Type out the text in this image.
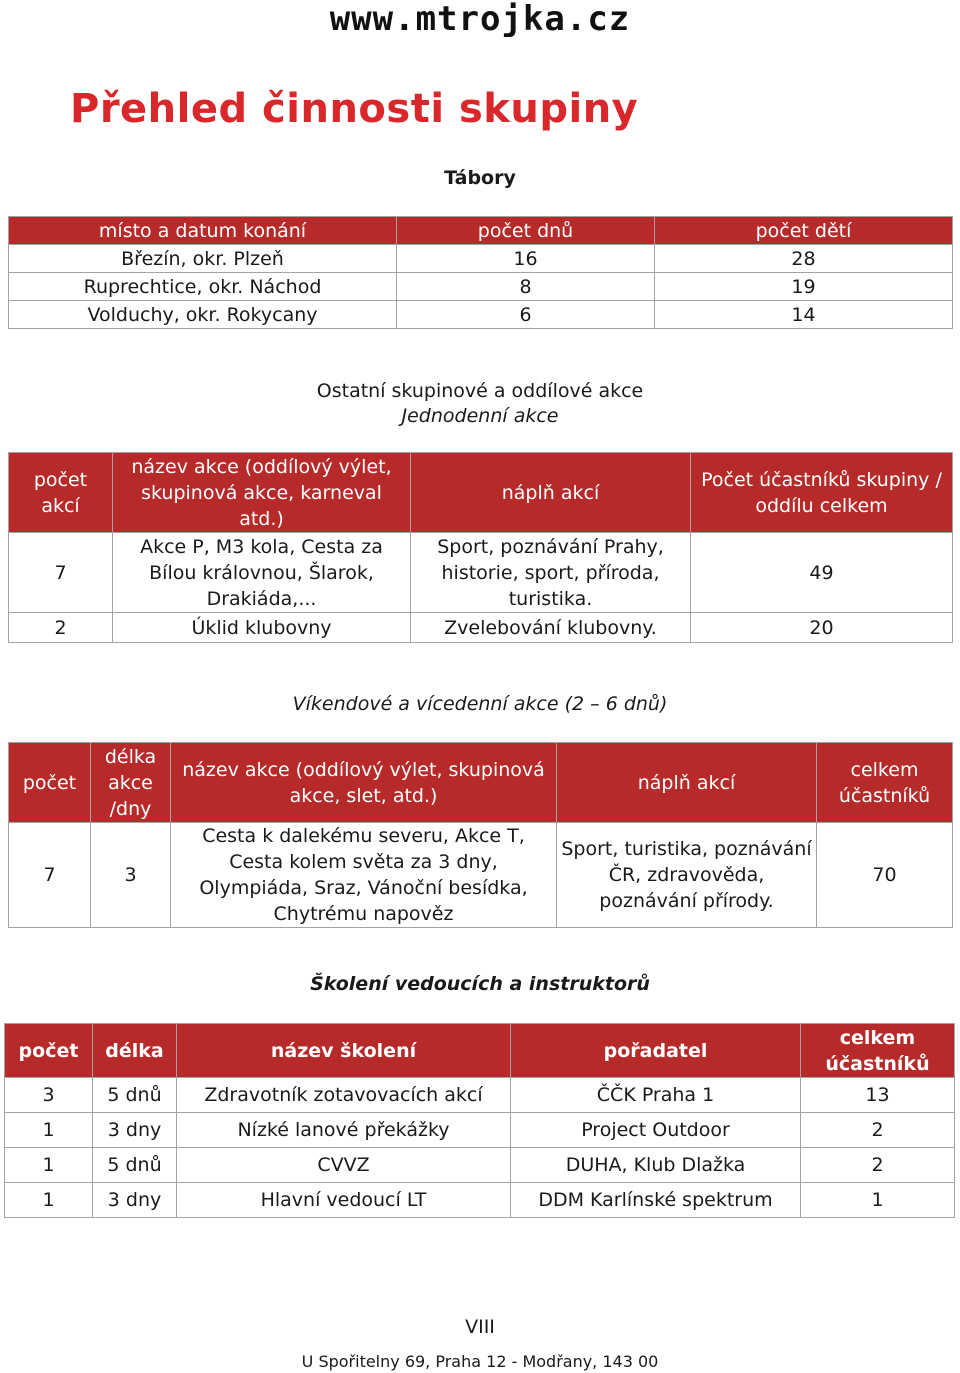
www.mtrojka.cz
Přehled činnosti skupiny
Tábory
místo a datum konání	počet dnů	počet dětí
Březín, okr. Plzeň	16	28
Ruprechtice, okr. Náchod	8	19
Volduchy, okr. Rokycany	6	14
Ostatní skupinové a oddílové akce
Jednodenní akce
počet akcí	název akce (oddílový výlet, skupinová akce, karneval atd.)	náplň akcí	Počet účastníků skupiny / oddílu celkem
7	Akce P, M3 kola, Cesta za Bílou královnou, Šlarok, Drakiáda,...	Sport, poznávání Prahy, historie, sport, příroda, turistika.	49
2	Úklid klubovny	Zvelebování klubovny.	20
Víkendové a vícedenní akce (2 – 6 dnů)
počet	délka akce /dny	název akce (oddílový výlet, skupinová akce, slet, atd.)	náplň akcí	celkem účastníků
7	3	Cesta k dalekému severu, Akce T, Cesta kolem světa za 3 dny, Olympiáda, Sraz, Vánoční besídka, Chytrému napověz	Sport, turistika, poznávání ČR, zdravověda, poznávání přírody.	70
Školení vedoucích a instruktorů
počet	délka	název školení	pořadatel	celkem účastníků
3	5 dnů	Zdravotník zotavovacích akcí	ČČK Praha 1	13
1	3 dny	Nízké lanové překážky	Project Outdoor	2
1	5 dnů	CVVZ	DUHA, Klub Dlažka	2
1	3 dny	Hlavní vedoucí LT	DDM Karlínské spektrum	1
VIII
U Spořitelny 69, Praha 12 - Modřany, 143 00
